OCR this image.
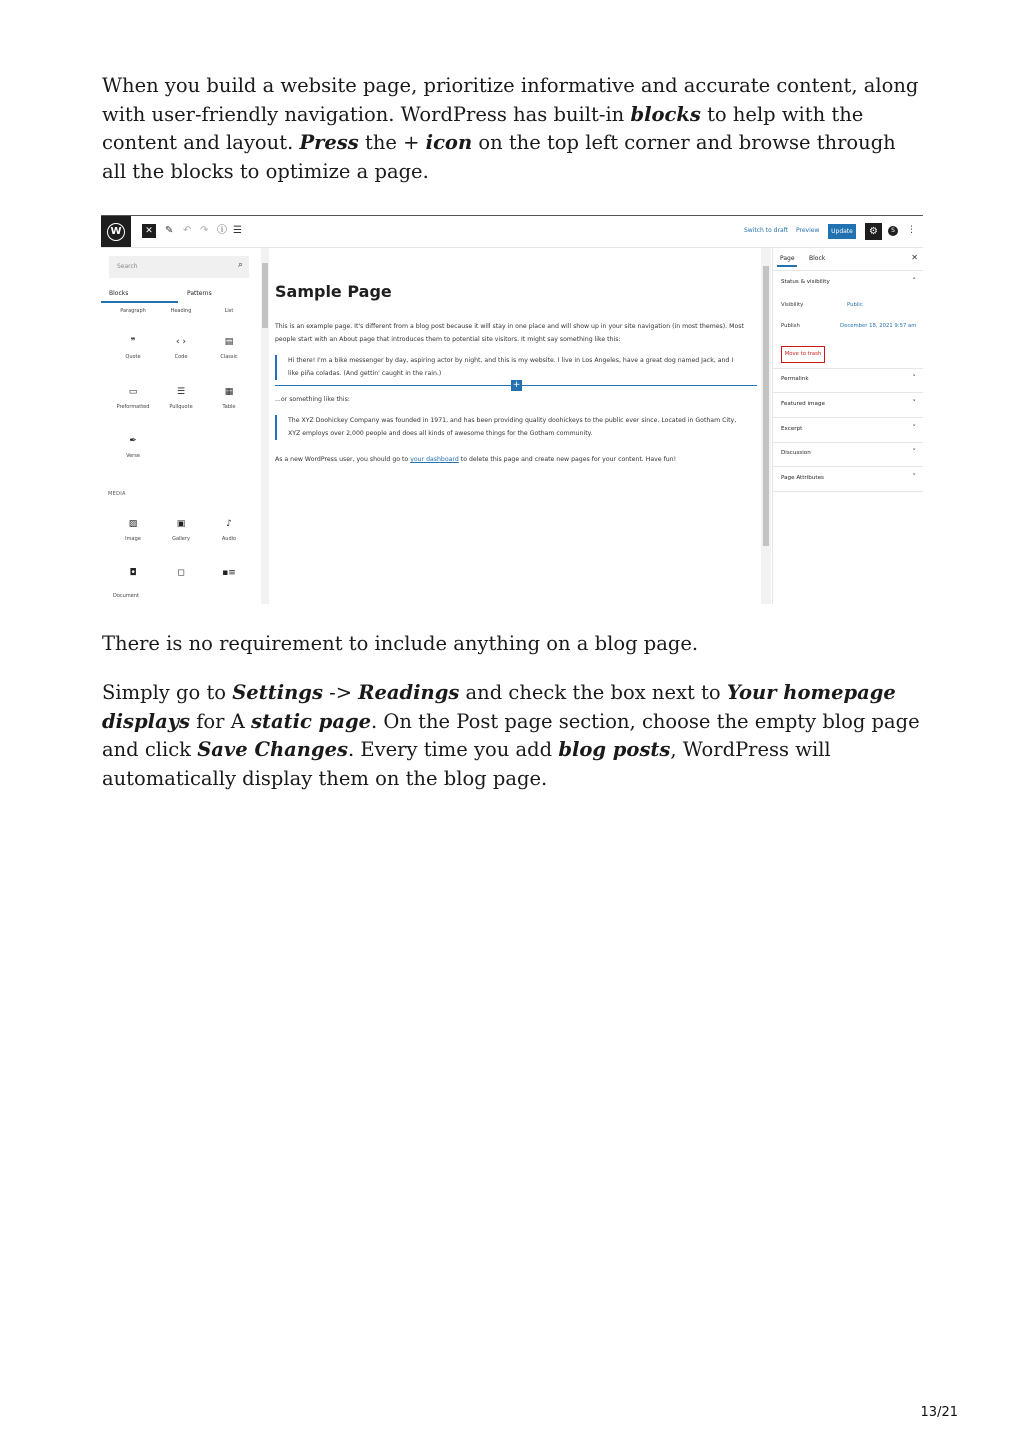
When you build a website page, prioritize informative and accurate content, along with user-friendly navigation. WordPress has built-in blocks to help with the content and layout. Press the + icon on the top left corner and browse through all the blocks to optimize a page.

W	✕	✎ ↶ ↷ ⓘ ☰	Switch to draft Preview	Update	⚙	S	⋮
Search	⌕
Blocks	Patterns
Paragraph	Heading	List
❞
Quote
‹ ›
Code
▤
Classic
▭
Preformatted
☰
Pullquote
▦
Table
✒
Verse
MEDIA
▨
Image
▣
Gallery
♪
Audio
◘	◻	▪≡
Document
Sample Page
This is an example page. It's different from a blog post because it will stay in one place and will show up in your site navigation (in most themes). Most people start with an About page that introduces them to potential site visitors. It might say something like this:
Hi there! I'm a bike messenger by day, aspiring actor by night, and this is my website. I live in Los Angeles, have a great dog named Jack, and I like piña coladas. (And gettin' caught in the rain.)
+
...or something like this:
The XYZ Doohickey Company was founded in 1971, and has been providing quality doohickeys to the public ever since. Located in Gotham City, XYZ employs over 2,000 people and does all kinds of awesome things for the Gotham community.
As a new WordPress user, you should go to your dashboard to delete this page and create new pages for your content. Have fun!
Page Block	✕
Status & visibility	˄
Visibility	Public
Publish	December 18, 2021 9:57 am
Move to trash
Permalink	˅
Featured image	˅
Excerpt	˅
Discussion	˅
Page Attributes	˅

There is no requirement to include anything on a blog page.

Simply go to Settings -> Readings and check the box next to Your homepage displays for A static page. On the Post page section, choose the empty blog page and click Save Changes. Every time you add blog posts, WordPress will automatically display them on the blog page.

13/21
